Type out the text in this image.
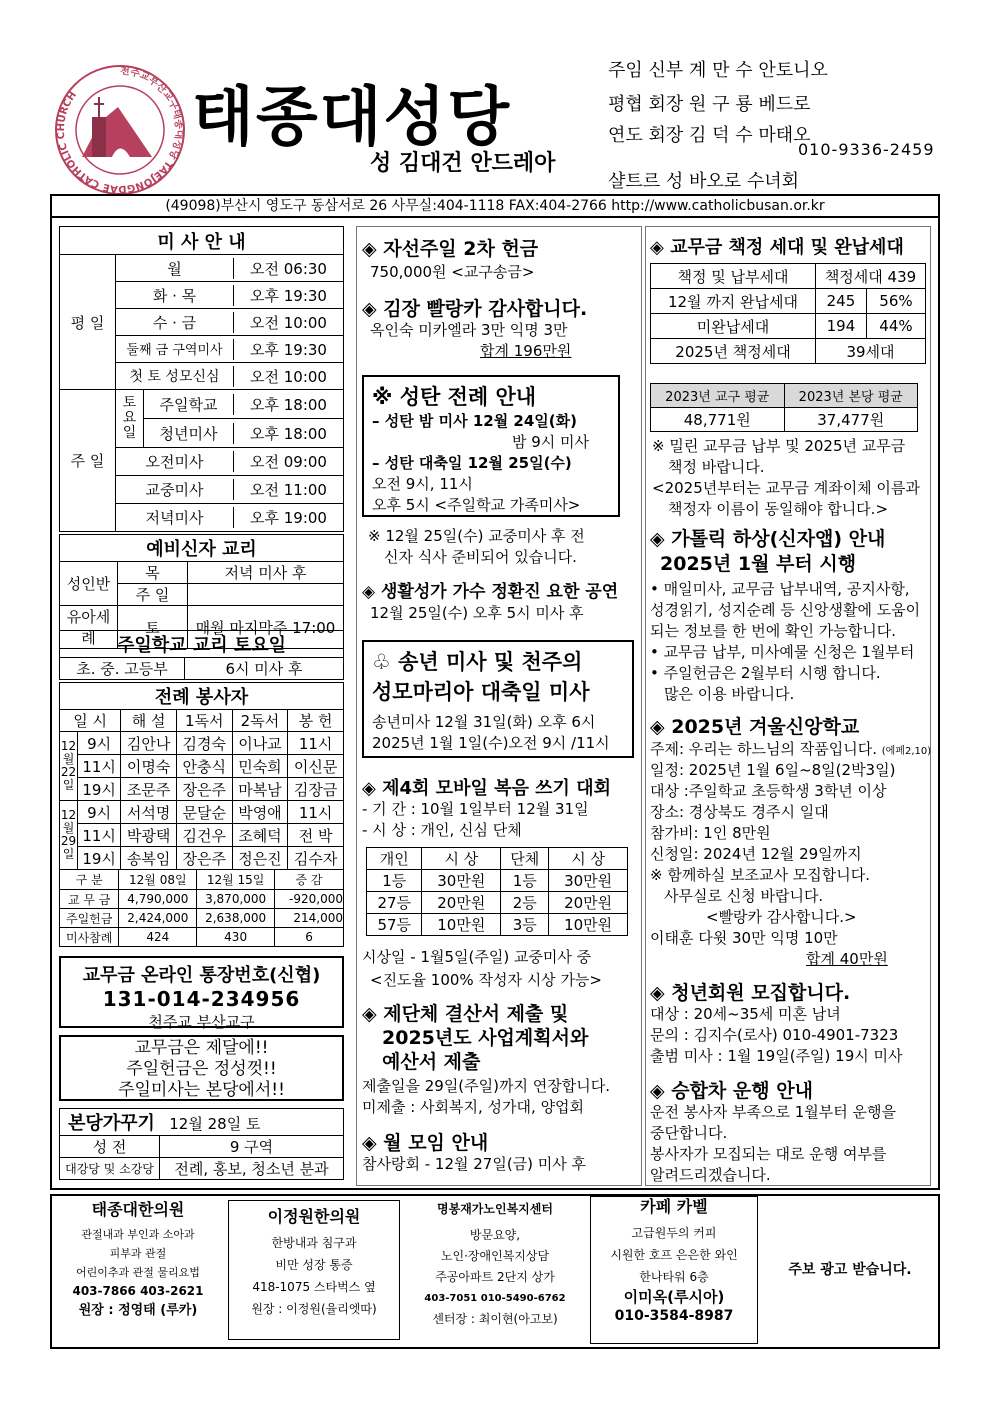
천주교부산교구태종대성당 TAEJONGDAE CATHOLIC CHURCH	태종대성당
성 김대건 안드레아
주임 신부 계 만 수 안토니오
평협 회장 원 구 룡 베드로
연도 회장 김 덕 수 마태오
010-9336-2459
샬트르 성 바오로 수녀회
(49098)부산시 영도구 동삼서로 26 사무실:404-1118 FAX:404-2766 http://www.catholicbusan.or.kr
미 사 안 내		
평 일	월 오전 06:30	

	화 · 목 오후 19:30	

	수 · 금 오전 10:00	

	둘째 금 구역미사 오후 19:30	

	첫 토 성모신심 오전 10:00	

주 일	토
요
일	주일학교 오후 18:00

		청년미사 오후 18:00

	오전미사 오전 09:00	

	교중미사 오전 11:00	

	저녁미사 오후 19:00	
예비신자 교리		
성인반	목	저녁 미사 후
	주 일	
유아세례	토	매월 마지막주 17:00
주일학교 교리 토요일
초. 중. 고등부	6시 미사 후
전례 봉사자					
일 시		해 설	1독서	2독서	봉 헌
12
월
22
일	9시	김안나	김경숙	이나교	11시
	11시	이명숙	안충식	민숙희	이신문
	19시	조문주	장은주	마복남	김장금
12
월
29
일	9시	서석명	문달순	박영애	11시
	11시	박광택	김건우	조혜덕	전 박
	19시	송복임	장은주	정은진	김수자
구 분	12월 08일	12월 15일	증 감
교 무 금	4,790,000	3,870,000	-920,000
주일헌금	2,424,000	2,638,000	214,000
미사참례	424	430	6
교무금 온라인 통장번호(신협)
131-014-234956
천주교 부산교구
교무금은 제달에!!
주일헌금은 정성껏!!
주일미사는 본당에서!!
본당가꾸기 12월 28일 토	
성 전	9 구역
대강당 및 소강당	전례, 홍보, 청소년 분과
◈ 자선주일 2차 헌금
750,000원 <교구송금>
◈ 김장 빨랑카 감사합니다.
옥인숙 미카엘라 3만 익명 3만
합계 196만원
※ 성탄 전례 안내
– 성탄 밤 미사 12월 24일(화)
밤 9시 미사
– 성탄 대축일 12월 25일(수)
오전 9시, 11시
오후 5시 <주일학교 가족미사>
※ 12월 25일(수) 교중미사 후 전
신자 식사 준비되어 있습니다.
◈ 생활성가 가수 정환진 요한 공연
12월 25일(수) 오후 5시 미사 후
♧ 송년 미사 및 천주의
성모마리아 대축일 미사
송년미사 12월 31일(화) 오후 6시
2025년 1월 1일(수)오전 9시 /11시
◈ 제4회 모바일 복음 쓰기 대회
- 기 간 : 10월 1일부터 12월 31일
- 시 상 : 개인, 신심 단체
개인	시 상	단체	시 상
1등	30만원	1등	30만원
27등	20만원	2등	20만원
57등	10만원	3등	10만원
시상일 - 1월5일(주일) 교중미사 중
<진도율 100% 작성자 시상 가능>
◈ 제단체 결산서 제출 및
2025년도 사업계획서와
예산서 제출
제출일을 29일(주일)까지 연장합니다.
미제출 : 사회복지, 성가대, 양업회
◈ 월 모임 안내
참사랑회 - 12월 27일(금) 미사 후
◈ 교무금 책정 세대 및 완납세대
책정 및 납부세대	책정세대 439	
12월 까지 완납세대	245	56%
미완납세대	194	44%
2025년 책정세대	39세대	
2023년 교구 평균	2023년 본당 평균
48,771원	37,477원
※ 밀린 교무금 납부 및 2025년 교무금
책정 바랍니다.
<2025년부터는 교무금 계좌이체 이름과
책정자 이름이 동일해야 합니다.>
◈ 가톨릭 하상(신자앱) 안내
2025년 1월 부터 시행
• 매일미사, 교무금 납부내역, 공지사항,
성경읽기, 성지순례 등 신앙생활에 도움이
되는 정보를 한 번에 확인 가능합니다.
• 교무금 납부, 미사예물 신청은 1월부터
• 주일헌금은 2월부터 시행 합니다.
많은 이용 바랍니다.
◈ 2025년 겨울신앙학교
주제: 우리는 하느님의 작품입니다. (에페2,10)
일정: 2025년 1월 6일~8일(2박3일)
대상 :주일학교 초등학생 3학년 이상
장소: 경상북도 경주시 일대
참가비: 1인 8만원
신청일: 2024년 12월 29일까지
※ 함께하실 보조교사 모집합니다.
사무실로 신청 바랍니다.
<빨랑카 감사합니다.>
이태훈 다윗 30만 익명 10만
합계 40만원
◈ 청년회원 모집합니다.
대상 : 20세~35세 미혼 남녀
문의 : 김지수(로사) 010-4901-7323
출범 미사 : 1월 19일(주일) 19시 미사
◈ 승합차 운행 안내
운전 봉사자 부족으로 1월부터 운행을
중단합니다.
봉사자가 모집되는 대로 운행 여부를
알려드리겠습니다.
태종대한의원
관절내과 부인과 소아과
피부과 관절
어린이추과 관절 물리요법
403-7866 403-2621
원장 : 정영태 (루카)
이정원한의원
한방내과 침구과
비만 성장 통증
418-1075 스타벅스 옆
원장 : 이정원(율리엣따)
명봉재가노인복지센터
방문요양,
노인·장애인복지상담
주공아파트 2단지 상가
403-7051 010-5490-6762
센터장 : 최이현(아고보)
카페 카벨
고급원두의 커피
시원한 호프 은은한 와인
한나타워 6층
이미옥(루시아)
010-3584-8987
주보 광고 받습니다.
